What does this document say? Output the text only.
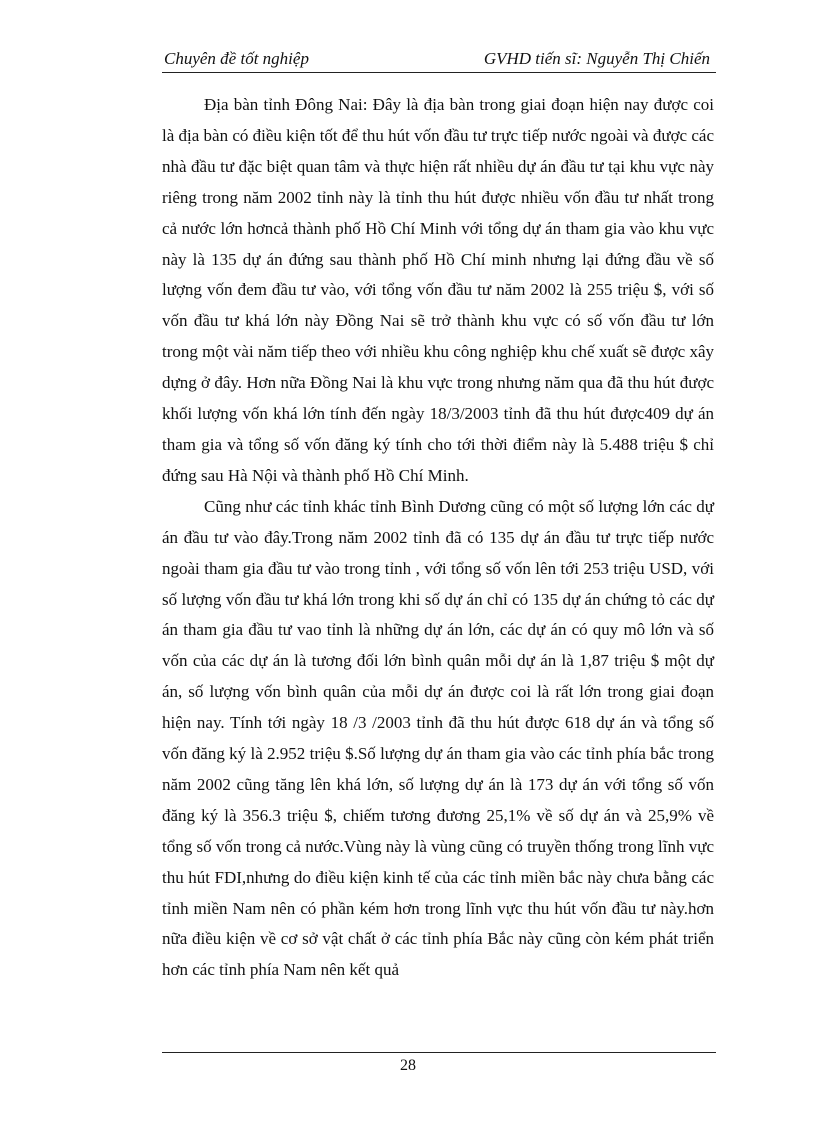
Chuyên đề tốt nghiệp	GVHD tiến sĩ: Nguyễn Thị Chiến

Địa bàn tỉnh Đông Nai: Đây là địa bàn trong giai đoạn hiện nay được coi là địa bàn có điều kiện tốt để thu hút vốn đầu tư trực tiếp nước ngoài và được các nhà đầu tư đặc biệt quan tâm và thực hiện rất nhiều dự án đầu tư tại khu vực này riêng trong năm 2002 tỉnh này là tỉnh thu hút được nhiều vốn đầu tư nhất trong cả nước lớn hơncả thành phố Hồ Chí Minh với tổng dự án tham gia vào khu vực này là 135 dự án đứng sau thành phố Hồ Chí minh nhưng lại đứng đầu về số lượng vốn đem đầu tư vào, với tổng vốn đầu tư năm 2002 là 255 triệu $, với số vốn đầu tư khá lớn này Đồng Nai sẽ trở thành khu vực có số vốn đầu tư lớn trong một vài năm tiếp theo với nhiều khu công nghiệp khu chế xuất sẽ được xây dựng ở đây. Hơn nữa Đồng Nai là khu vực trong nhưng năm qua đã thu hút được khối lượng vốn khá lớn tính đến ngày 18/3/2003 tỉnh đã thu hút được409 dự án tham gia và tổng số vốn đăng ký tính cho tới thời điểm này là 5.488 triệu $ chỉ đứng sau Hà Nội và thành phố Hồ Chí Minh.

Cũng như các tỉnh khác tỉnh Bình Dương cũng có một số lượng lớn các dự án đầu tư vào đây.Trong năm 2002 tỉnh đã có 135 dự án đầu tư trực tiếp nước ngoài tham gia đầu tư vào trong tỉnh , với tổng số vốn lên tới 253 triệu USD, với số lượng vốn đầu tư khá lớn trong khi số dự án chỉ có 135 dự án chứng tỏ các dự án tham gia đầu tư vao tỉnh là những dự án lớn, các dự án có quy mô lớn và số vốn của các dự án là tương đối lớn bình quân mỗi dự án là 1,87 triệu $ một dự án, số lượng vốn bình quân của mỗi dự án được coi là rất lớn trong giai đoạn hiện nay. Tính tới ngày 18 /3 /2003 tỉnh đã thu hút được 618 dự án và tổng số vốn đăng ký là 2.952 triệu $.Số lượng dự án tham gia vào các tỉnh phía bắc trong năm 2002 cũng tăng lên khá lớn, số lượng dự án là 173 dự án với tổng số vốn đăng ký là 356.3 triệu $, chiếm tương đương 25,1% về số dự án và 25,9% về tổng số vốn trong cả nước.Vùng này là vùng cũng có truyền thống trong lĩnh vực thu hút FDI,nhưng do điều kiện kinh tế của các tỉnh miền bắc này chưa bằng các tỉnh miền Nam nên có phần kém hơn trong lĩnh vực thu hút vốn đầu tư này.hơn nữa điều kiện về cơ sở vật chất ở các tỉnh phía Bắc này cũng còn kém phát triển hơn các tỉnh phía Nam nên kết quả

28
